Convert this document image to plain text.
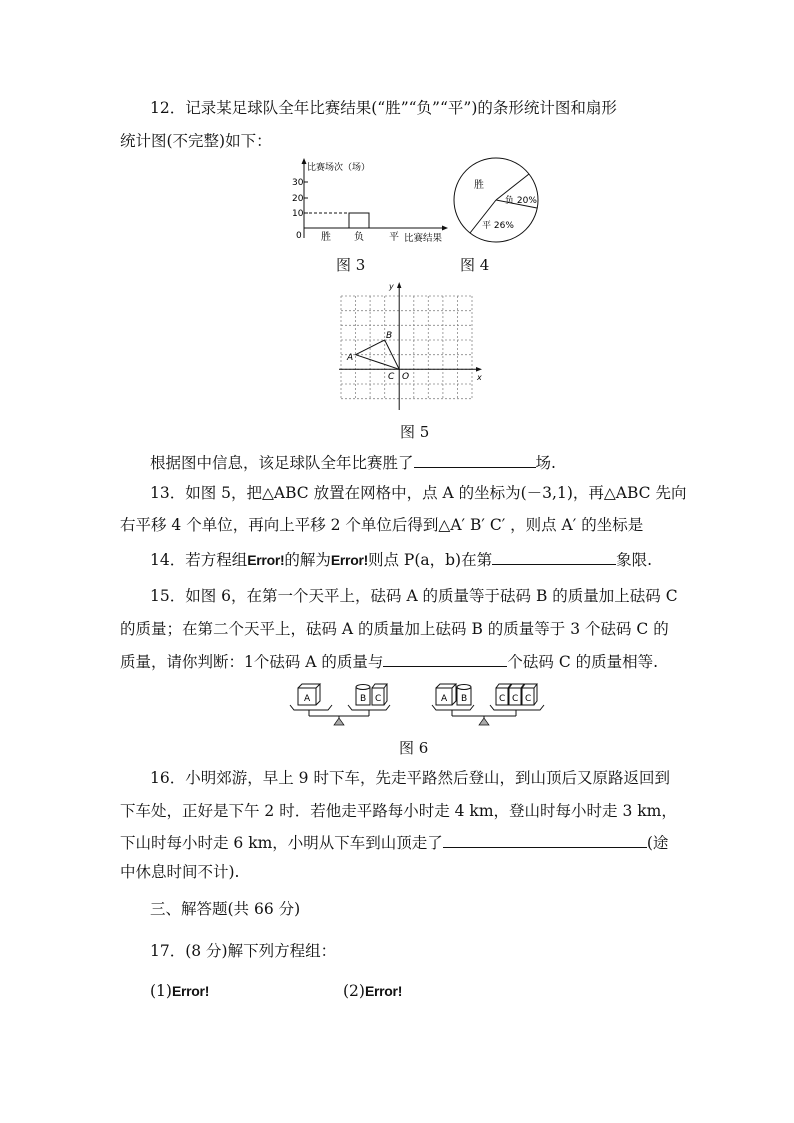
12．记录某足球队全年比赛结果(“胜”“负”“平”)的条形统计图和扇形
统计图(不完整)如下：
30
20
10
0
比赛场次（场）
胜 负	平 比赛结果
胜
负 20%
平 26%
图 3	图 4
y
x
O
A
B
C
图 5
根据图中信息，该足球队全年比赛胜了	场.
13．如图 5，把△ABC 放置在网格中，点 A 的坐标为(－3,1)，再△ABC 先向
右平移 4 个单位，再向上平移 2 个单位后得到△A′ B′ C′ ，则点 A′ 的坐标是
14．若方程组Error!的解为Error!则点 P(a，b)在第	象限.
15．如图 6，在第一个天平上，砝码 A 的质量等于砝码 B 的质量加上砝码 C
的质量；在第二个天平上，砝码 A 的质量加上砝码 B 的质量等于 3 个砝码 C 的
质量，请你判断：1个砝码 A 的质量与	个砝码 C 的质量相等.
A	B C	A B	C C C
图 6
16．小明郊游，早上 9 时下车，先走平路然后登山，到山顶后又原路返回到
下车处，正好是下午 2 时．若他走平路每小时走 4 km，登山时每小时走 3 km，
下山时每小时走 6 km，小明从下车到山顶走了	(途
中休息时间不计).
三、解答题(共 66 分)
17．(8 分)解下列方程组：
(1)Error!	(2)Error!
